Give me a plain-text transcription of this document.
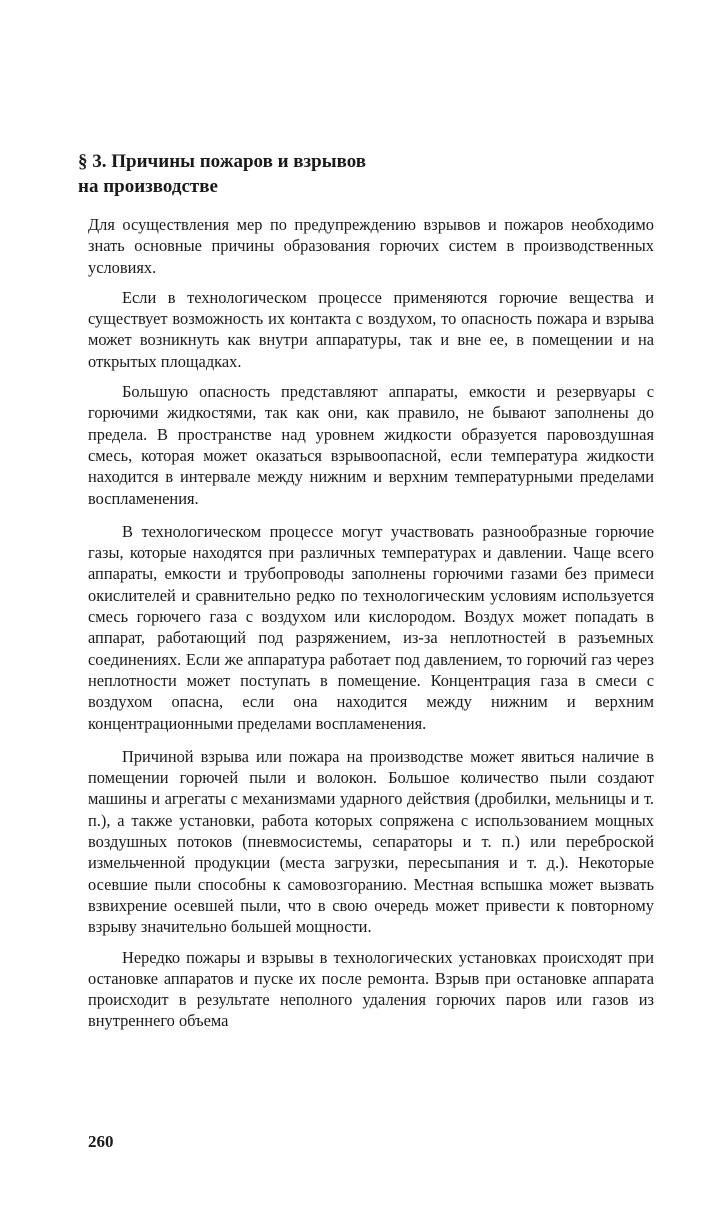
§ 3. Причины пожаров и взрывов
на производстве

Для осуществления мер по предупреждению взрывов и пожаров необходимо знать основные причины образования горючих систем в производственных условиях.

Если в технологическом процессе применяются горючие вещества и существует возможность их контакта с воздухом, то опасность пожара и взрыва может возникнуть как внутри аппаратуры, так и вне ее, в помещении и на открытых площадках.

Большую опасность представляют аппараты, емкости и резервуары с горючими жидкостями, так как они, как правило, не бывают заполнены до предела. В пространстве над уровнем жидкости образуется паровоздушная смесь, которая может оказаться взрывоопасной, если температура жидкости находится в интервале между нижним и верхним температурными пределами воспламенения.

В технологическом процессе могут участвовать разнообразные горючие газы, которые находятся при различных температурах и давлении. Чаще всего аппараты, емкости и трубопроводы заполнены горючими газами без примеси окислителей и сравнительно редко по технологическим условиям используется смесь горючего газа с воздухом или кислородом. Воздух может попадать в аппарат, работающий под разряжением, из-за неплотностей в разъемных соединениях. Если же аппаратура работает под давлением, то горючий газ через неплотности может поступать в помещение. Концентрация газа в смеси с воздухом опасна, если она находится между нижним и верхним концентрационными пределами воспламенения.

Причиной взрыва или пожара на производстве может явиться наличие в помещении горючей пыли и волокон. Большое количество пыли создают машины и агрегаты с механизмами ударного действия (дробилки, мельницы и т. п.), а также установки, работа которых сопряжена с использованием мощных воздушных потоков (пневмосистемы, сепараторы и т. п.) или переброской измельченной продукции (места загрузки, пересыпания и т. д.). Некоторые осевшие пыли способны к самовозгоранию. Местная вспышка может вызвать взвихрение осевшей пыли, что в свою очередь может привести к повторному взрыву значительно большей мощности.

Нередко пожары и взрывы в технологических установках происходят при остановке аппаратов и пуске их после ремонта. Взрыв при остановке аппарата происходит в результате неполного удаления горючих паров или газов из внутреннего объема

260
